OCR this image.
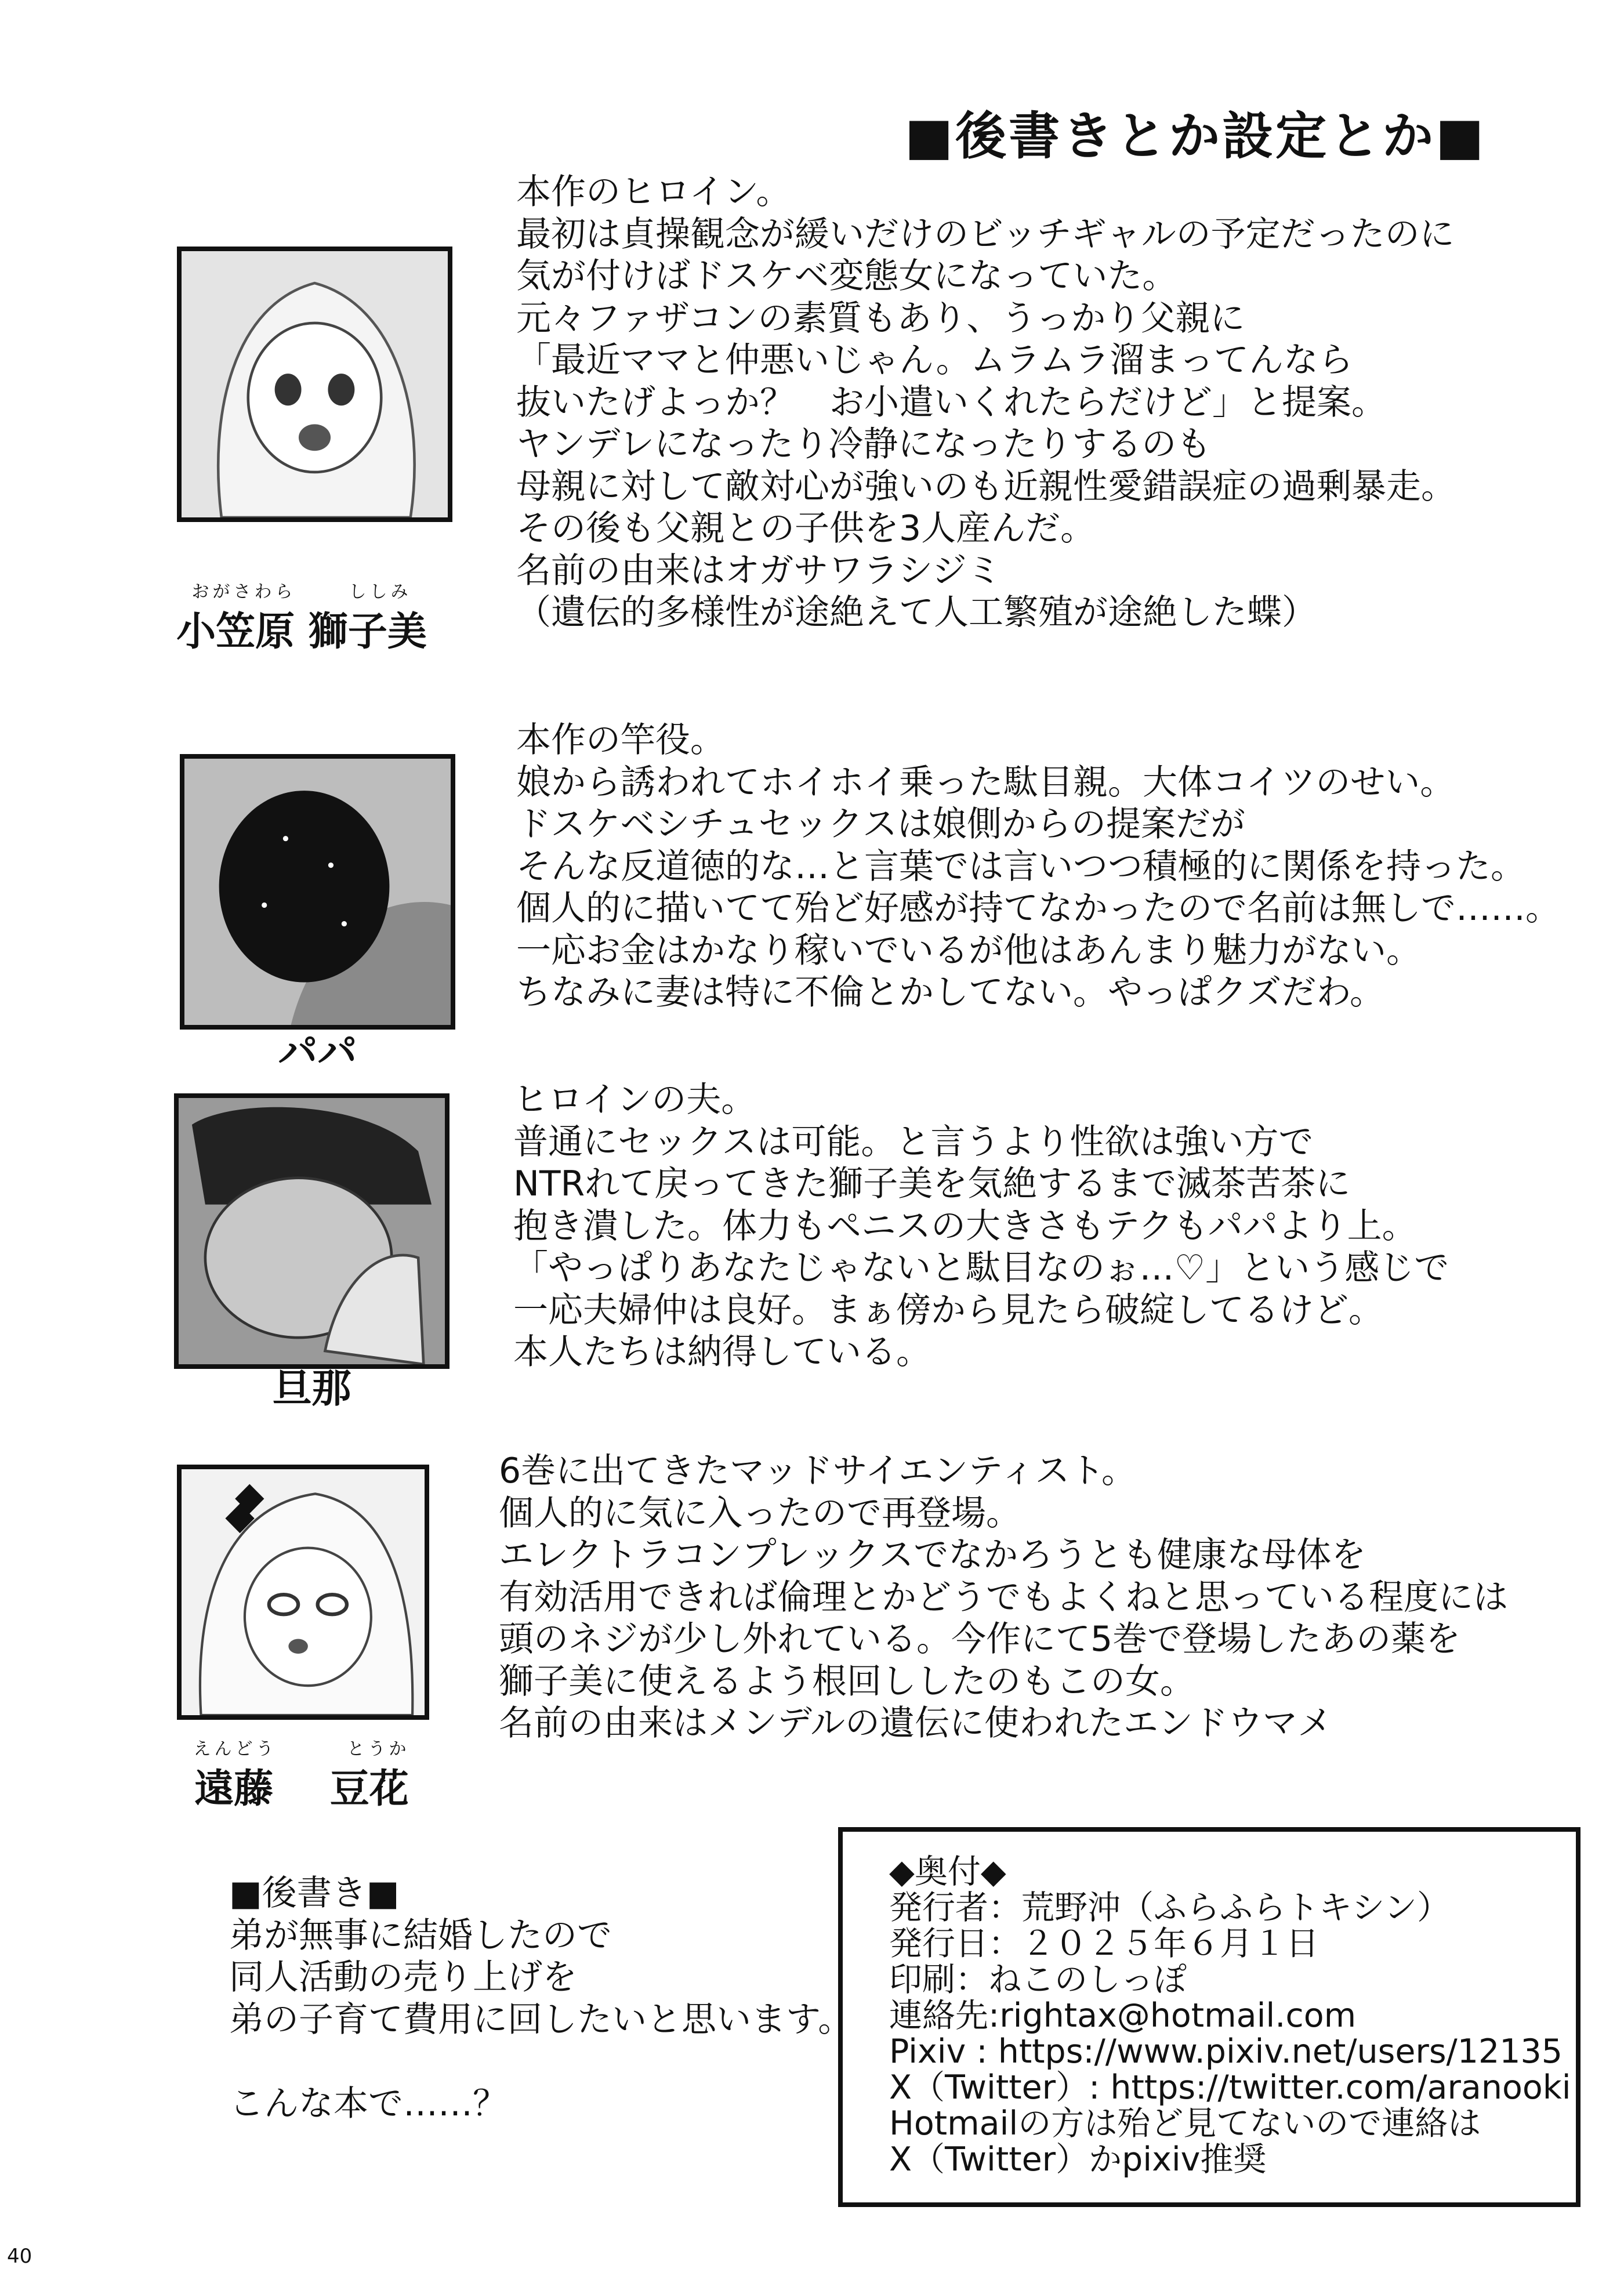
■後書きとか設定とか■
おがさわら	ししみ
小笠原 獅子美
本作のヒロイン。
最初は貞操観念が緩いだけのビッチギャルの予定だったのに
気が付けばドスケベ変態女になっていた。
元々ファザコンの素質もあり、うっかり父親に
「最近ママと仲悪いじゃん。ムラムラ溜まってんなら
抜いたげよっか？　お小遣いくれたらだけど」と提案。
ヤンデレになったり冷静になったりするのも
母親に対して敵対心が強いのも近親性愛錯誤症の過剰暴走。
その後も父親との子供を3人産んだ。
名前の由来はオガサワラシジミ
（遺伝的多様性が途絶えて人工繁殖が途絶した蝶）
パパ
本作の竿役。
娘から誘われてホイホイ乗った駄目親。大体コイツのせい。
ドスケベシチュセックスは娘側からの提案だが
そんな反道徳的な…と言葉では言いつつ積極的に関係を持った。
個人的に描いてて殆ど好感が持てなかったので名前は無しで……。
一応お金はかなり稼いでいるが他はあんまり魅力がない。
ちなみに妻は特に不倫とかしてない。やっぱクズだわ。
旦那
ヒロインの夫。
普通にセックスは可能。と言うより性欲は強い方で
NTRれて戻ってきた獅子美を気絶するまで滅茶苦茶に
抱き潰した。体力もペニスの大きさもテクもパパより上。
「やっぱりあなたじゃないと駄目なのぉ…♡」という感じで
一応夫婦仲は良好。まぁ傍から見たら破綻してるけど。
本人たちは納得している。
えんどう	とうか
遠藤 豆花
6巻に出てきたマッドサイエンティスト。
個人的に気に入ったので再登場。
エレクトラコンプレックスでなかろうとも健康な母体を
有効活用できれば倫理とかどうでもよくねと思っている程度には
頭のネジが少し外れている。今作にて5巻で登場したあの薬を
獅子美に使えるよう根回ししたのもこの女。
名前の由来はメンデルの遺伝に使われたエンドウマメ
■後書き■
弟が無事に結婚したので
同人活動の売り上げを
弟の子育て費用に回したいと思います。
こんな本で……？
◆奥付◆
発行者：荒野沖（ふらふらトキシン）
発行日：２０２５年６月１日
印刷：ねこのしっぽ
連絡先:rightax@hotmail.com
Pixiv : https://www.pixiv.net/users/12135
X（Twitter）: https://twitter.com/aranooki
Hotmailの方は殆ど見てないので連絡は
X（Twitter）かpixiv推奨
40
